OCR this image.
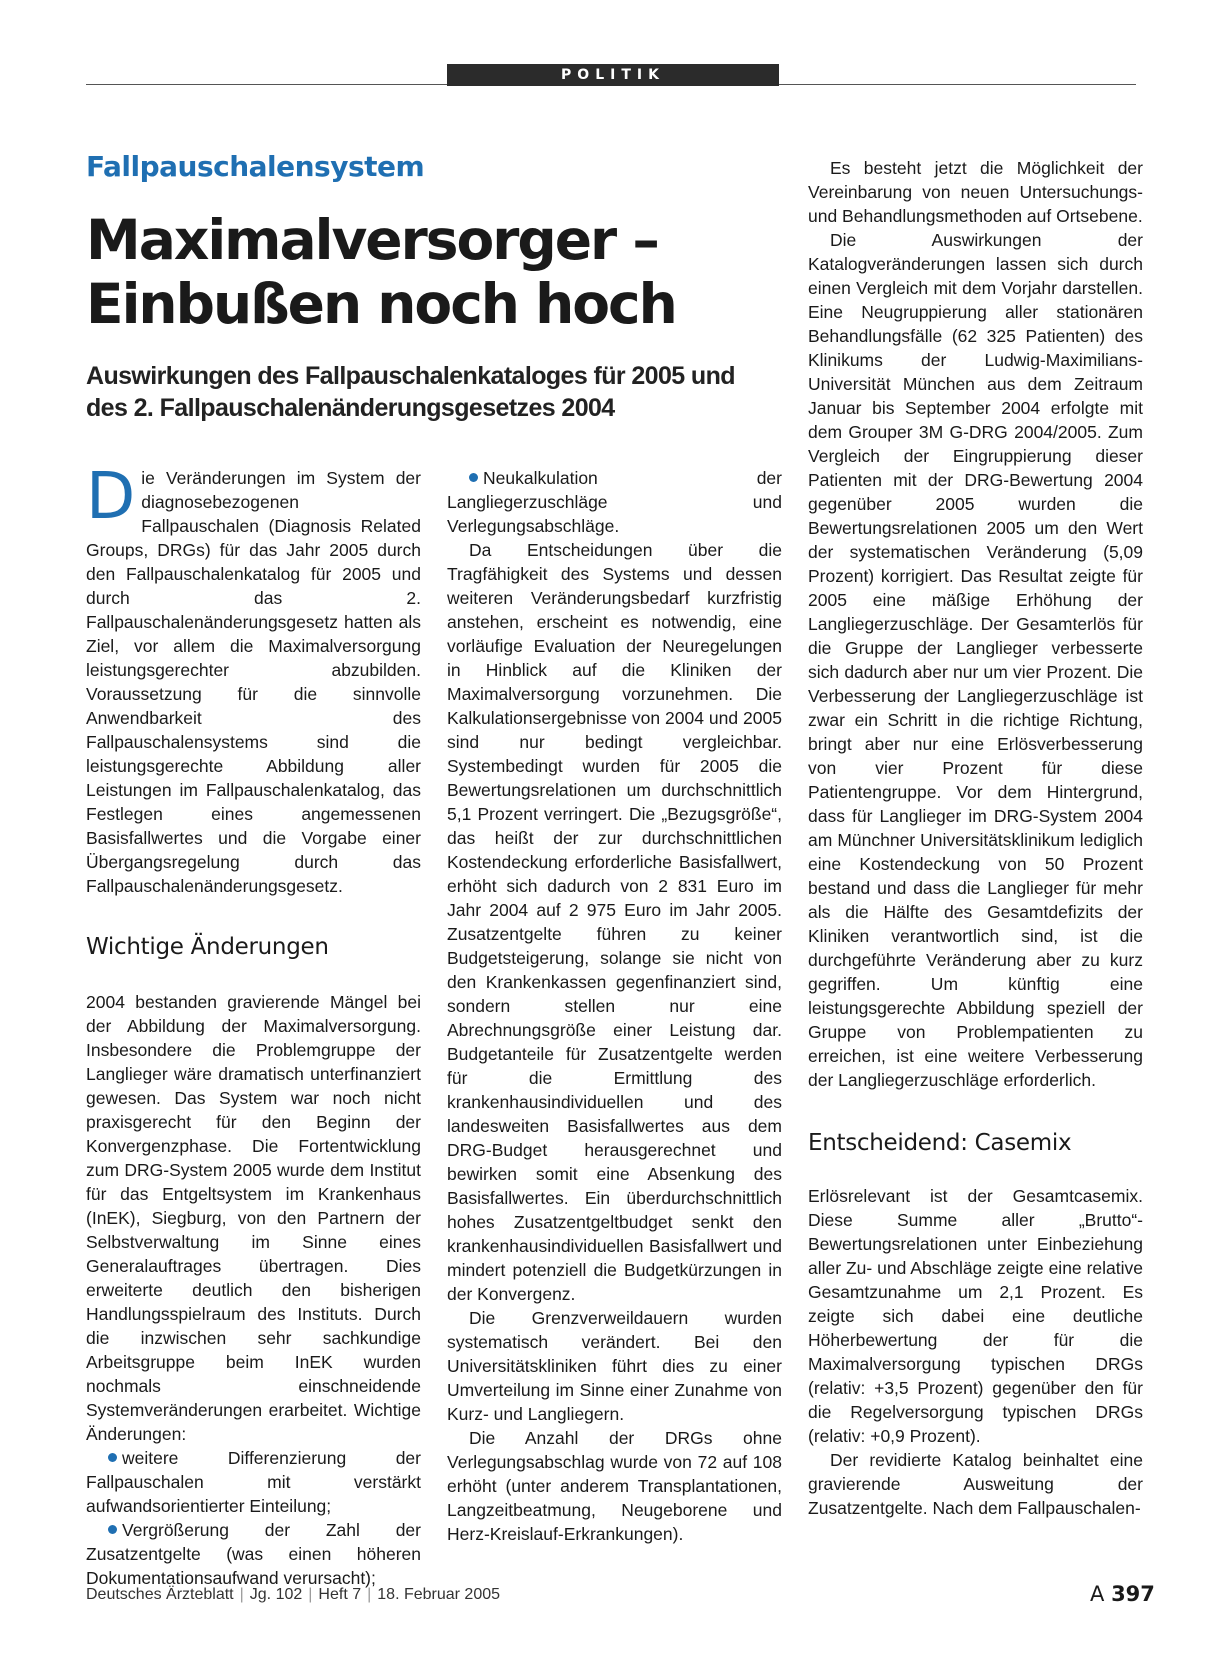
POLITIK
Fallpauschalensystem
Maximalversorger – Einbußen noch hoch
Auswirkungen des Fallpauschalenkataloges für 2005 und des 2. Fallpauschalenänderungsgesetzes 2004

Die Veränderungen im System der diagnosebezogenen Fallpauschalen (Diagnosis Related Groups, DRGs) für das Jahr 2005 durch den Fallpauschalenkatalog für 2005 und durch das 2. Fallpauschalenänderungsgesetz hatten als Ziel, vor allem die Maximalversorgung leistungsgerechter abzubilden. Voraussetzung für die sinnvolle Anwendbarkeit des Fallpauschalensystems sind die leistungsgerechte Abbildung aller Leistungen im Fallpauschalenkatalog, das Festlegen eines angemessenen Basisfallwertes und die Vorgabe einer Übergangsregelung durch das Fallpauschalenänderungsgesetz.

Wichtige Änderungen

2004 bestanden gravierende Mängel bei der Abbildung der Maximalversorgung. Insbesondere die Problemgruppe der Langlieger wäre dramatisch unterfinanziert gewesen. Das System war noch nicht praxisgerecht für den Beginn der Konvergenzphase. Die Fortentwicklung zum DRG-System 2005 wurde dem Institut für das Entgeltsystem im Krankenhaus (InEK), Siegburg, von den Partnern der Selbstverwaltung im Sinne eines Generalauftrages übertragen. Dies erweiterte deutlich den bisherigen Handlungsspielraum des Instituts. Durch die inzwischen sehr sachkundige Arbeitsgruppe beim InEK wurden nochmals einschneidende Systemveränderungen erarbeitet. Wichtige Änderungen:

weitere Differenzierung der Fallpauschalen mit verstärkt aufwandsorientierter Einteilung;

Vergrößerung der Zahl der Zusatzentgelte (was einen höheren Dokumentationsaufwand verursacht);

Neukalkulation der Langliegerzuschläge und Verlegungsabschläge.

Da Entscheidungen über die Tragfähigkeit des Systems und dessen weiteren Veränderungsbedarf kurzfristig anstehen, erscheint es notwendig, eine vorläufige Evaluation der Neuregelungen in Hinblick auf die Kliniken der Maximalversorgung vorzunehmen. Die Kalkulationsergebnisse von 2004 und 2005 sind nur bedingt vergleichbar. Systembedingt wurden für 2005 die Bewertungsrelationen um durchschnittlich 5,1 Prozent verringert. Die „Bezugsgröße“, das heißt der zur durchschnittlichen Kostendeckung erforderliche Basisfallwert, erhöht sich dadurch von 2 831 Euro im Jahr 2004 auf 2 975 Euro im Jahr 2005. Zusatzentgelte führen zu keiner Budgetsteigerung, solange sie nicht von den Krankenkassen gegenfinanziert sind, sondern stellen nur eine Abrechnungsgröße einer Leistung dar. Budgetanteile für Zusatzentgelte werden für die Ermittlung des krankenhausindividuellen und des landesweiten Basisfallwertes aus dem DRG-Budget herausgerechnet und bewirken somit eine Absenkung des Basisfallwertes. Ein überdurchschnittlich hohes Zusatzentgeltbudget senkt den krankenhausindividuellen Basisfallwert und mindert potenziell die Budgetkürzungen in der Konvergenz.

Die Grenzverweildauern wurden systematisch verändert. Bei den Universitätskliniken führt dies zu einer Umverteilung im Sinne einer Zunahme von Kurz- und Langliegern.

Die Anzahl der DRGs ohne Verlegungsabschlag wurde von 72 auf 108 erhöht (unter anderem Transplantationen, Langzeitbeatmung, Neugeborene und Herz-Kreislauf-Erkrankungen).

Es besteht jetzt die Möglichkeit der Vereinbarung von neuen Untersuchungs- und Behandlungsmethoden auf Ortsebene.

Die Auswirkungen der Katalogveränderungen lassen sich durch einen Vergleich mit dem Vorjahr darstellen. Eine Neugruppierung aller stationären Behandlungsfälle (62 325 Patienten) des Klinikums der Ludwig-Maximilians-Universität München aus dem Zeitraum Januar bis September 2004 erfolgte mit dem Grouper 3M G-DRG 2004/2005. Zum Vergleich der Eingruppierung dieser Patienten mit der DRG-Bewertung 2004 gegenüber 2005 wurden die Bewertungsrelationen 2005 um den Wert der systematischen Veränderung (5,09 Prozent) korrigiert. Das Resultat zeigte für 2005 eine mäßige Erhöhung der Langliegerzuschläge. Der Gesamterlös für die Gruppe der Langlieger verbesserte sich dadurch aber nur um vier Prozent. Die Verbesserung der Langliegerzuschläge ist zwar ein Schritt in die richtige Richtung, bringt aber nur eine Erlösverbesserung von vier Prozent für diese Patientengruppe. Vor dem Hintergrund, dass für Langlieger im DRG-System 2004 am Münchner Universitätsklinikum lediglich eine Kostendeckung von 50 Prozent bestand und dass die Langlieger für mehr als die Hälfte des Gesamtdefizits der Kliniken verantwortlich sind, ist die durchgeführte Veränderung aber zu kurz gegriffen. Um künftig eine leistungsgerechte Abbildung speziell der Gruppe von Problempatienten zu erreichen, ist eine weitere Verbesserung der Langliegerzuschläge erforderlich.

Entscheidend: Casemix

Erlösrelevant ist der Gesamtcasemix. Diese Summe aller „Brutto“-Bewertungsrelationen unter Einbeziehung aller Zu- und Abschläge zeigte eine relative Gesamtzunahme um 2,1 Prozent. Es zeigte sich dabei eine deutliche Höherbewertung der für die Maximalversorgung typischen DRGs (relativ: +3,5 Prozent) gegenüber den für die Regelversorgung typischen DRGs (relativ: +0,9 Prozent).

Der revidierte Katalog beinhaltet eine gravierende Ausweitung der Zusatzentgelte. Nach dem Fallpauschalen-

Deutsches Ärzteblatt | Jg. 102 | Heft 7 | 18. Februar 2005	A 397
